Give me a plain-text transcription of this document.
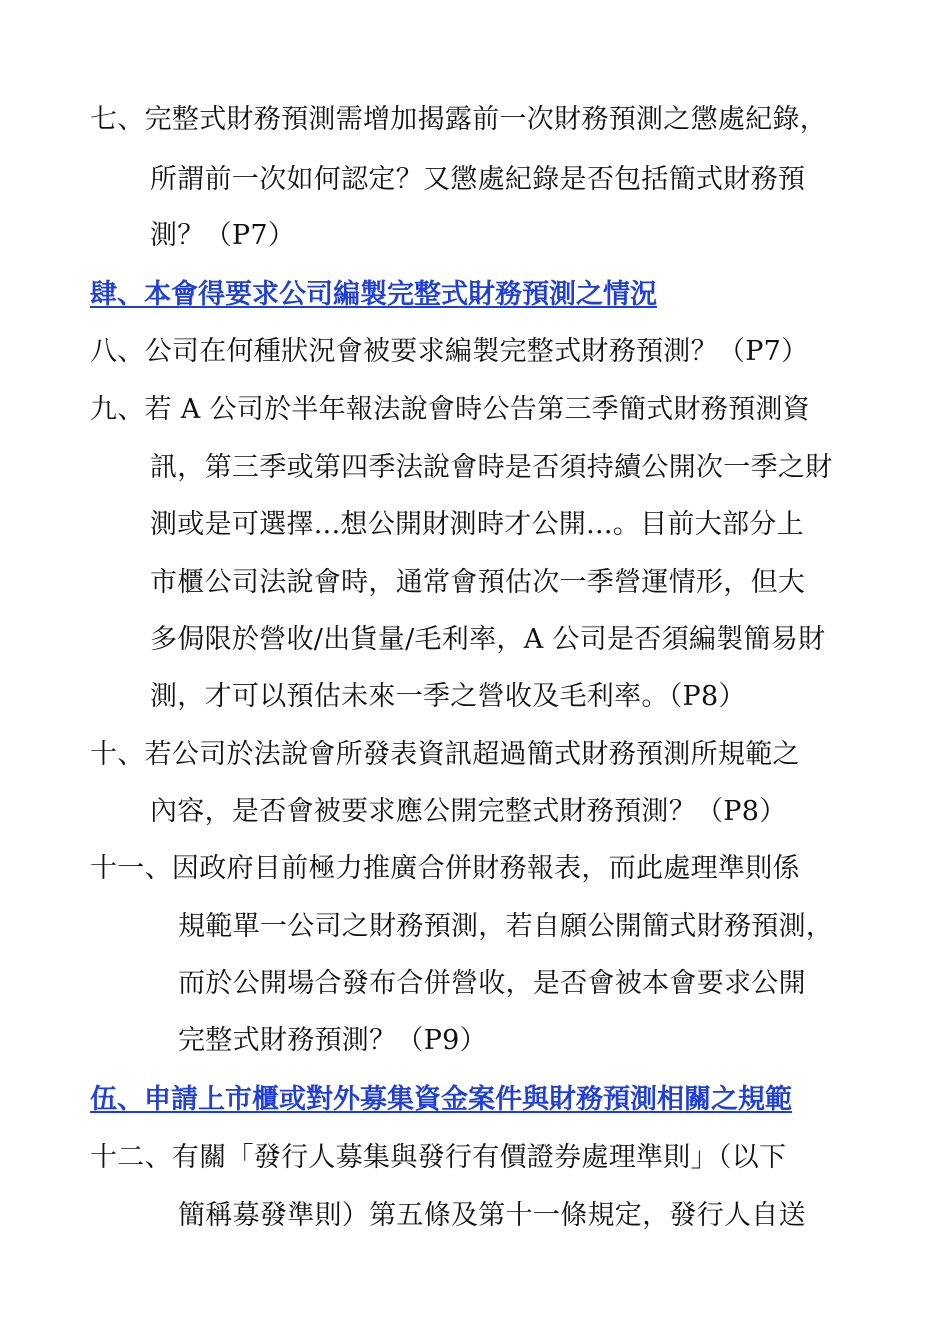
七、完整式財務預測需增加揭露前一次財務預測之懲處紀錄，
所謂前一次如何認定？又懲處紀錄是否包括簡式財務預
測？（P7）
肆、本會得要求公司編製完整式財務預測之情況
八、公司在何種狀況會被要求編製完整式財務預測？（P7）
九、若 A 公司於半年報法說會時公告第三季簡式財務預測資
訊，第三季或第四季法說會時是否須持續公開次一季之財
測或是可選擇...想公開財測時才公開...。目前大部分上
市櫃公司法說會時，通常會預估次一季營運情形，但大
多侷限於營收/出貨量/毛利率，A 公司是否須編製簡易財
測，才可以預估未來一季之營收及毛利率。（P8）
十、若公司於法說會所發表資訊超過簡式財務預測所規範之
內容，是否會被要求應公開完整式財務預測？（P8）
十一、因政府目前極力推廣合併財務報表，而此處理準則係
規範單一公司之財務預測，若自願公開簡式財務預測，
而於公開場合發布合併營收，是否會被本會要求公開
完整式財務預測？（P9）
伍、申請上市櫃或對外募集資金案件與財務預測相關之規範
十二、有關「發行人募集與發行有價證券處理準則」（以下
簡稱募發準則）第五條及第十一條規定，發行人自送
